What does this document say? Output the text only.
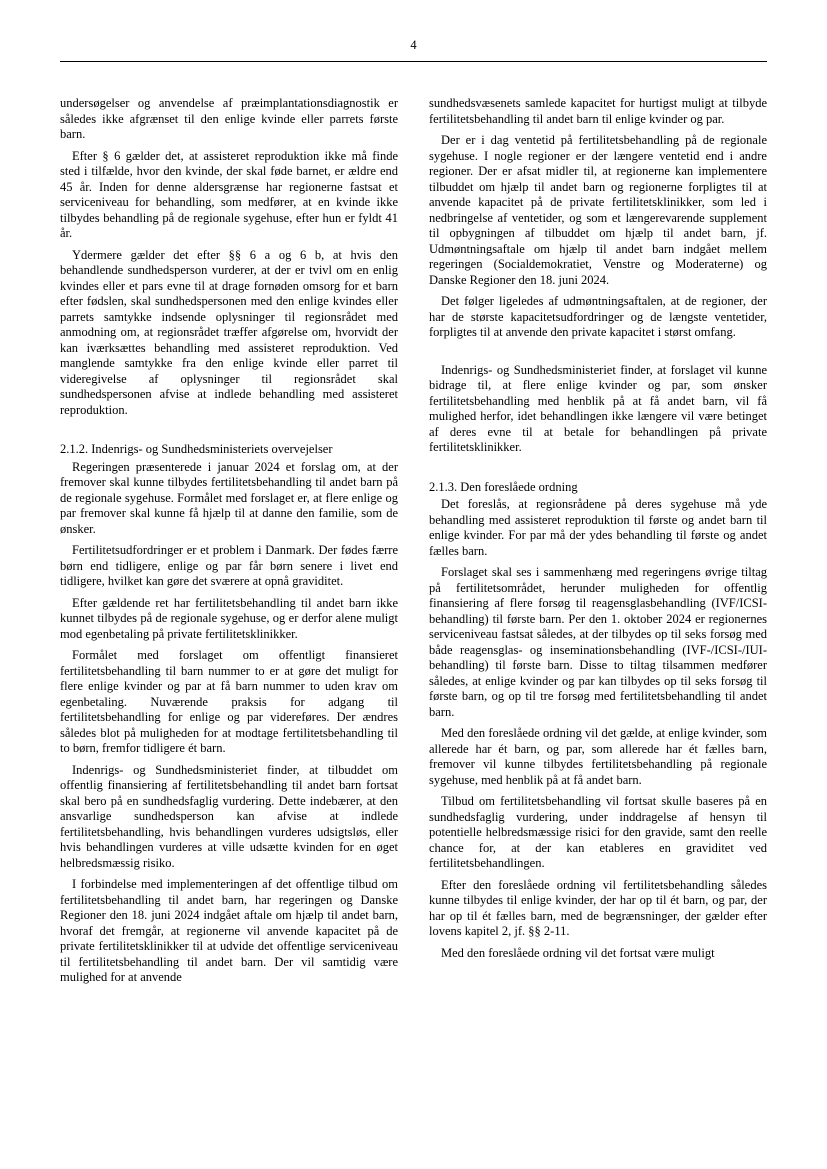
4

undersøgelser og anvendelse af præimplantationsdiagnostik er således ikke afgrænset til den enlige kvinde eller parrets første barn.

Efter § 6 gælder det, at assisteret reproduktion ikke må finde sted i tilfælde, hvor den kvinde, der skal føde barnet, er ældre end 45 år. Inden for denne aldersgrænse har regionerne fastsat et serviceniveau for behandling, som medfører, at en kvinde ikke tilbydes behandling på de regionale sygehuse, efter hun er fyldt 41 år.

Ydermere gælder det efter §§ 6 a og 6 b, at hvis den behandlende sundhedsperson vurderer, at der er tvivl om en enlig kvindes eller et pars evne til at drage fornøden omsorg for et barn efter fødslen, skal sundhedspersonen med den enlige kvindes eller parrets samtykke indsende oplysninger til regionsrådet med anmodning om, at regionsrådet træffer afgørelse om, hvorvidt der kan iværksættes behandling med assisteret reproduktion. Ved manglende samtykke fra den enlige kvinde eller parret til videregivelse af oplysninger til regionsrådet skal sundhedspersonen afvise at indlede behandling med assisteret reproduktion.

2.1.2. Indenrigs- og Sundhedsministeriets overvejelser

Regeringen præsenterede i januar 2024 et forslag om, at der fremover skal kunne tilbydes fertilitetsbehandling til andet barn på de regionale sygehuse. Formålet med forslaget er, at flere enlige og par fremover skal kunne få hjælp til at danne den familie, som de ønsker.

Fertilitetsudfordringer er et problem i Danmark. Der fødes færre børn end tidligere, enlige og par får børn senere i livet end tidligere, hvilket kan gøre det sværere at opnå graviditet.

Efter gældende ret har fertilitetsbehandling til andet barn ikke kunnet tilbydes på de regionale sygehuse, og er derfor alene muligt mod egenbetaling på private fertilitetsklinikker.

Formålet med forslaget om offentligt finansieret fertilitetsbehandling til barn nummer to er at gøre det muligt for flere enlige kvinder og par at få barn nummer to uden krav om egenbetaling. Nuværende praksis for adgang til fertilitetsbehandling for enlige og par videreføres. Der ændres således blot på muligheden for at modtage fertilitetsbehandling til to børn, fremfor tidligere ét barn.

Indenrigs- og Sundhedsministeriet finder, at tilbuddet om offentlig finansiering af fertilitetsbehandling til andet barn fortsat skal bero på en sundhedsfaglig vurdering. Dette indebærer, at den ansvarlige sundhedsperson kan afvise at indlede fertilitetsbehandling, hvis behandlingen vurderes udsigtsløs, eller hvis behandlingen vurderes at ville udsætte kvinden for en øget helbredsmæssig risiko.

I forbindelse med implementeringen af det offentlige tilbud om fertilitetsbehandling til andet barn, har regeringen og Danske Regioner den 18. juni 2024 indgået aftale om hjælp til andet barn, hvoraf det fremgår, at regionerne vil anvende kapacitet på de private fertilitetsklinikker til at udvide det offentlige serviceniveau til fertilitetsbehandling til andet barn. Der vil samtidig være mulighed for at anvende

sundhedsvæsenets samlede kapacitet for hurtigst muligt at tilbyde fertilitetsbehandling til andet barn til enlige kvinder og par.

Der er i dag ventetid på fertilitetsbehandling på de regionale sygehuse. I nogle regioner er der længere ventetid end i andre regioner. Der er afsat midler til, at regionerne kan implementere tilbuddet om hjælp til andet barn og regionerne forpligtes til at anvende kapacitet på de private fertilitetsklinikker, som led i nedbringelse af ventetider, og som et længerevarende supplement til opbygningen af tilbuddet om hjælp til andet barn, jf. Udmøntningsaftale om hjælp til andet barn indgået mellem regeringen (Socialdemokratiet, Venstre og Moderaterne) og Danske Regioner den 18. juni 2024.

Det følger ligeledes af udmøntningsaftalen, at de regioner, der har de største kapacitetsudfordringer og de længste ventetider, forpligtes til at anvende den private kapacitet i størst omfang.

Indenrigs- og Sundhedsministeriet finder, at forslaget vil kunne bidrage til, at flere enlige kvinder og par, som ønsker fertilitetsbehandling med henblik på at få andet barn, vil få mulighed herfor, idet behandlingen ikke længere vil være betinget af deres evne til at betale for behandlingen på private fertilitetsklinikker.

2.1.3. Den foreslåede ordning

Det foreslås, at regionsrådene på deres sygehuse må yde behandling med assisteret reproduktion til første og andet barn til enlige kvinder. For par må der ydes behandling til første og andet fælles barn.

Forslaget skal ses i sammenhæng med regeringens øvrige tiltag på fertilitetsområdet, herunder muligheden for offentlig finansiering af flere forsøg til reagensglasbehandling (IVF/ICSI-behandling) til første barn. Per den 1. oktober 2024 er regionernes serviceniveau fastsat således, at der tilbydes op til seks forsøg med både reagensglas- og inseminationsbehandling (IVF-/ICSI-/IUI-behandling) til første barn. Disse to tiltag tilsammen medfører således, at enlige kvinder og par kan tilbydes op til seks forsøg til første barn, og op til tre forsøg med fertilitetsbehandling til andet barn.

Med den foreslåede ordning vil det gælde, at enlige kvinder, som allerede har ét barn, og par, som allerede har ét fælles barn, fremover vil kunne tilbydes fertilitetsbehandling på regionale sygehuse, med henblik på at få andet barn.

Tilbud om fertilitetsbehandling vil fortsat skulle baseres på en sundhedsfaglig vurdering, under inddragelse af hensyn til potentielle helbredsmæssige risici for den gravide, samt den reelle chance for, at der kan etableres en graviditet ved fertilitetsbehandlingen.

Efter den foreslåede ordning vil fertilitetsbehandling således kunne tilbydes til enlige kvinder, der har op til ét barn, og par, der har op til ét fælles barn, med de begrænsninger, der gælder efter lovens kapitel 2, jf. §§ 2-11.

Med den foreslåede ordning vil det fortsat være muligt
